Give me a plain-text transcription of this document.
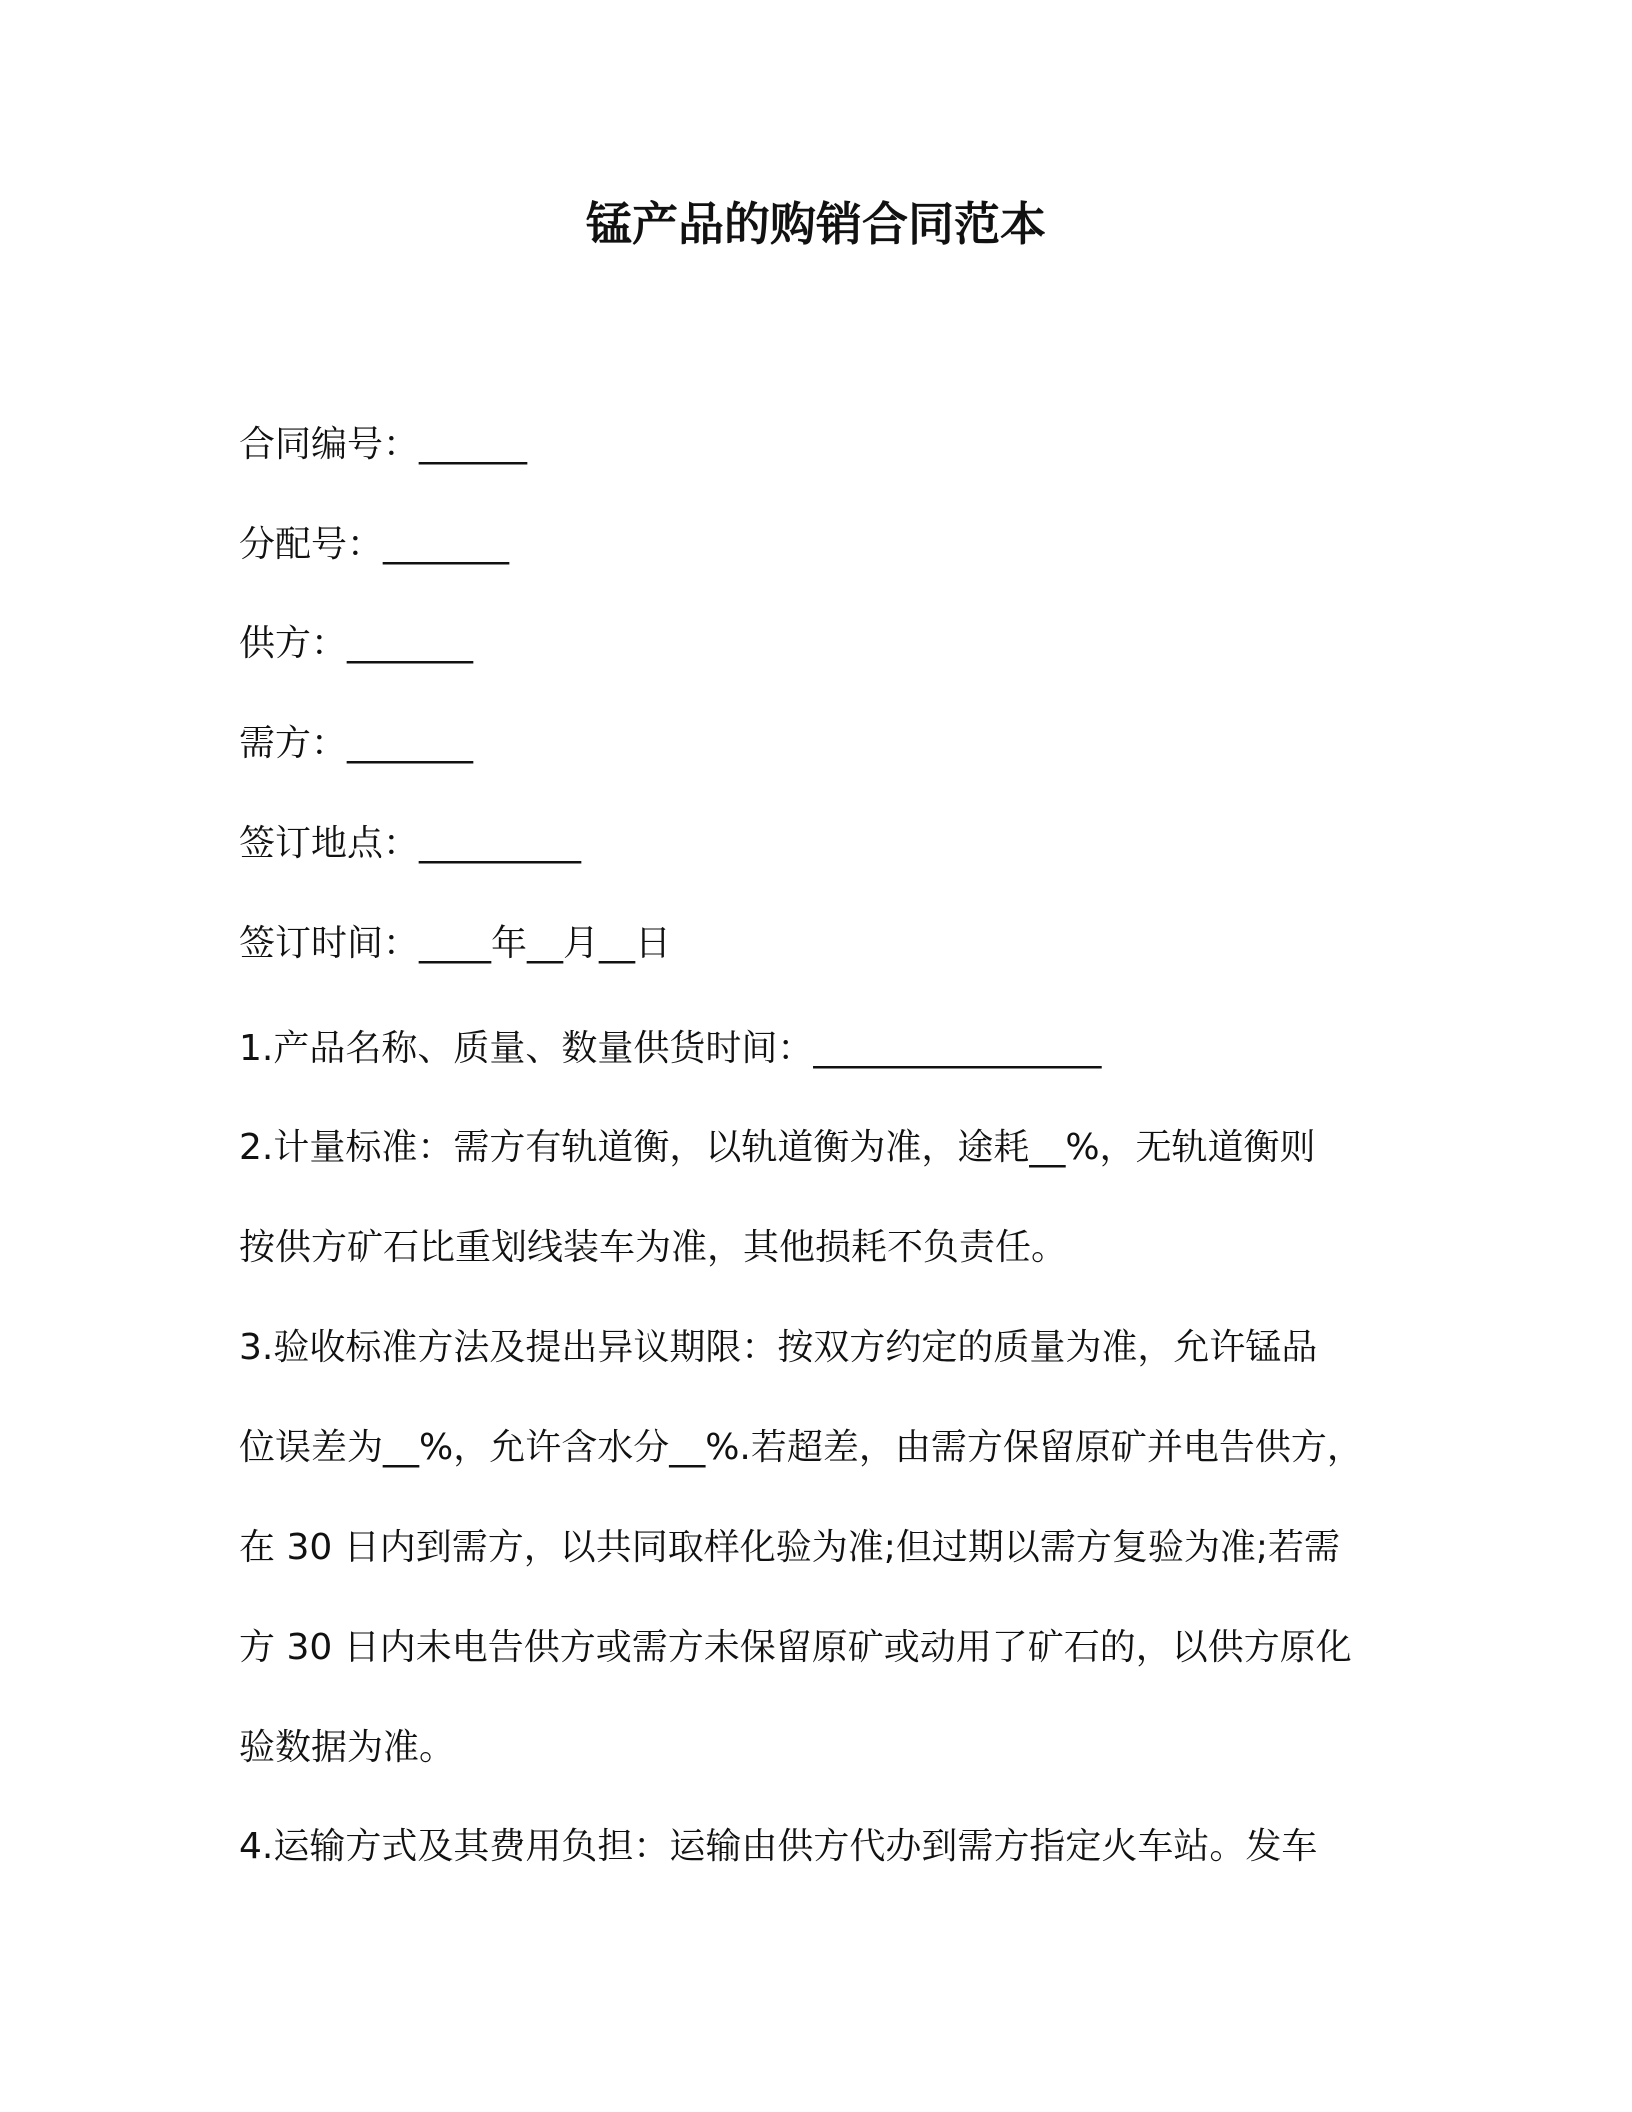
锰产品的购销合同范本
合同编号：______
分配号：_______
供方：_______
需方：_______
签订地点：_________
签订时间：____年__月__日
1.产品名称、质量、数量供货时间：________________
2.计量标准：需方有轨道衡，以轨道衡为准，途耗__%，无轨道衡则
按供方矿石比重划线装车为准，其他损耗不负责任。
3.验收标准方法及提出异议期限：按双方约定的质量为准，允许锰品
位误差为__%，允许含水分__%.若超差，由需方保留原矿并电告供方，
在 30 日内到需方，以共同取样化验为准;但过期以需方复验为准;若需
方 30 日内未电告供方或需方未保留原矿或动用了矿石的，以供方原化
验数据为准。
4.运输方式及其费用负担：运输由供方代办到需方指定火车站。发车
